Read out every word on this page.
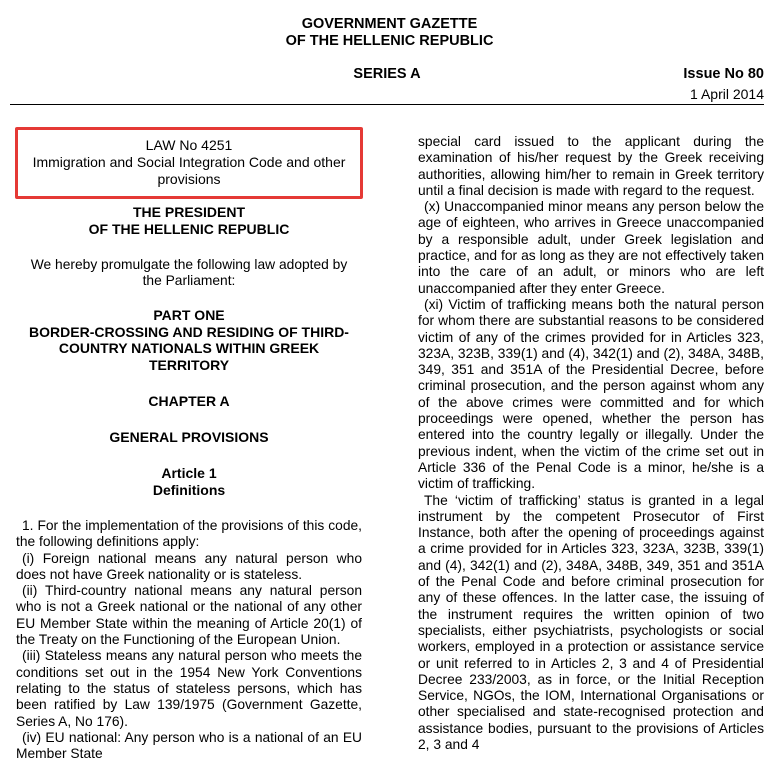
GOVERNMENT GAZETTE
OF THE HELLENIC REPUBLIC
SERIES A	Issue No 80
1 April 2014
LAW No 4251
Immigration and Social Integration Code and other
provisions
THE PRESIDENT
OF THE HELLENIC REPUBLIC
We hereby promulgate the following law adopted by
the Parliament:
PART ONE
BORDER-CROSSING AND RESIDING OF THIRD-
COUNTRY NATIONALS WITHIN GREEK
TERRITORY
CHAPTER A
GENERAL PROVISIONS
Article 1
Definitions

1. For the implementation of the provisions of this code, the following definitions apply:

(i) Foreign national means any natural person who does not have Greek nationality or is stateless.

(ii) Third-country national means any natural person who is not a Greek national or the national of any other EU Member State within the meaning of Article 20(1) of the Treaty on the Functioning of the European Union.

(iii) Stateless means any natural person who meets the conditions set out in the 1954 New York Conventions relating to the status of stateless persons, which has been ratified by Law 139/1975 (Government Gazette, Series A, No 176).

(iv) EU national: Any person who is a national of an EU Member State

special card issued to the applicant during the examination of his/her request by the Greek receiving authorities, allowing him/her to remain in Greek territory until a final decision is made with regard to the request.

(x) Unaccompanied minor means any person below the age of eighteen, who arrives in Greece unaccompanied by a responsible adult, under Greek legislation and practice, and for as long as they are not effectively taken into the care of an adult, or minors who are left unaccompanied after they enter Greece.

(xi) Victim of trafficking means both the natural person for whom there are substantial reasons to be considered victim of any of the crimes provided for in Articles 323, 323A, 323B, 339(1) and (4), 342(1) and (2), 348A, 348B, 349, 351 and 351A of the Presidential Decree, before criminal prosecution, and the person against whom any of the above crimes were committed and for which proceedings were opened, whether the person has entered into the country legally or illegally. Under the previous indent, when the victim of the crime set out in Article 336 of the Penal Code is a minor, he/she is a victim of trafficking.

The ‘victim of trafficking’ status is granted in a legal instrument by the competent Prosecutor of First Instance, both after the opening of proceedings against a crime provided for in Articles 323, 323A, 323B, 339(1) and (4), 342(1) and (2), 348A, 348B, 349, 351 and 351A of the Penal Code and before criminal prosecution for any of these offences. In the latter case, the issuing of the instrument requires the written opinion of two specialists, either psychiatrists, psychologists or social workers, employed in a protection or assistance service or unit referred to in Articles 2, 3 and 4 of Presidential Decree 233/2003, as in force, or the Initial Reception Service, NGOs, the IOM, International Organisations or other specialised and state-recognised protection and assistance bodies, pursuant to the provisions of Articles 2, 3 and 4
